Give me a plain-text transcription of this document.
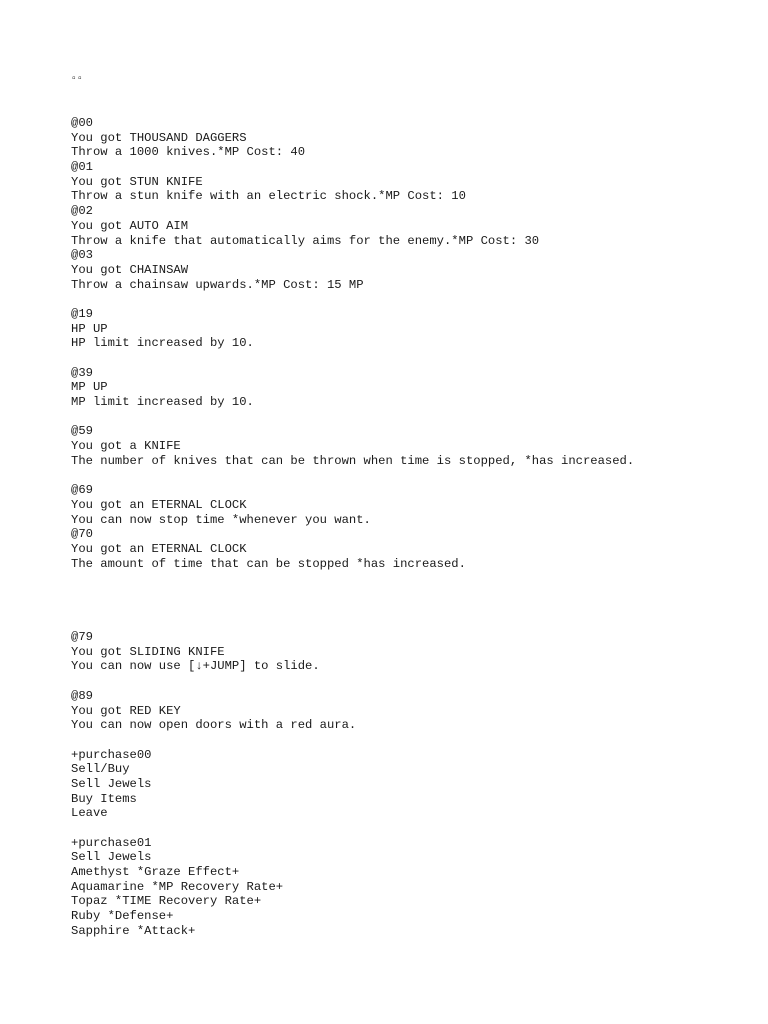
▫▫

@00
You got THOUSAND DAGGERS
Throw a 1000 knives.*MP Cost: 40
@01
You got STUN KNIFE
Throw a stun knife with an electric shock.*MP Cost: 10
@02
You got AUTO AIM
Throw a knife that automatically aims for the enemy.*MP Cost: 30
@03
You got CHAINSAW
Throw a chainsaw upwards.*MP Cost: 15 MP
@19
HP UP
HP limit increased by 10.
@39
MP UP
MP limit increased by 10.
@59
You got a KNIFE
The number of knives that can be thrown when time is stopped, *has increased.
@69
You got an ETERNAL CLOCK
You can now stop time *whenever you want.
@70
You got an ETERNAL CLOCK
The amount of time that can be stopped *has increased.
@79
You got SLIDING KNIFE
You can now use [↓+JUMP] to slide.
@89
You got RED KEY
You can now open doors with a red aura.
+purchase00
Sell/Buy
Sell Jewels
Buy Items
Leave
+purchase01
Sell Jewels
Amethyst *Graze Effect+
Aquamarine *MP Recovery Rate+
Topaz *TIME Recovery Rate+
Ruby *Defense+
Sapphire *Attack+
